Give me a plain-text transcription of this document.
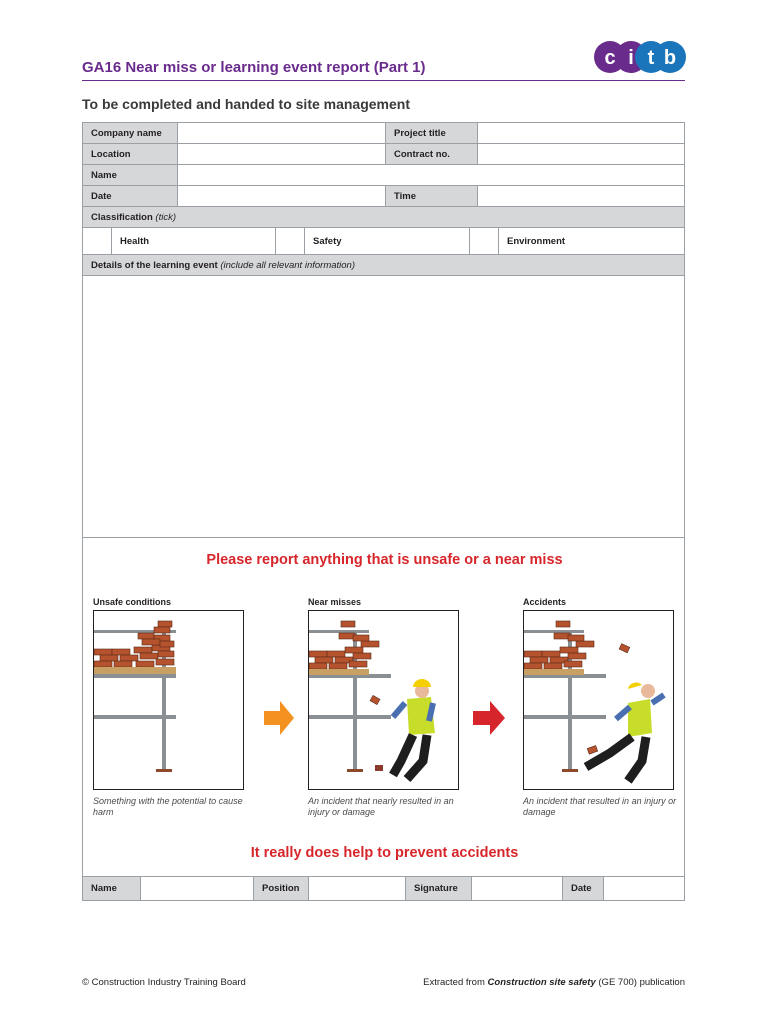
GA16 Near miss or learning event report (Part 1)	c i t b
To be completed and handed to site management
Company name	Project title
Location	Contract no.
Name
Date	Time
Classification
(tick)
Health	Safety	Environment
Details of the learning event
(include all relevant information)
Please report anything that is unsafe or a near miss
Unsafe conditions	Near misses	Accidents
Something with the potential to cause harm
An incident that nearly resulted in an injury or damage
An incident that resulted in an injury or damage
It really does help to prevent accidents
Name	Position	Signature	Date
© Construction Industry Training Board	Extracted from Construction site safety (GE 700) publication
